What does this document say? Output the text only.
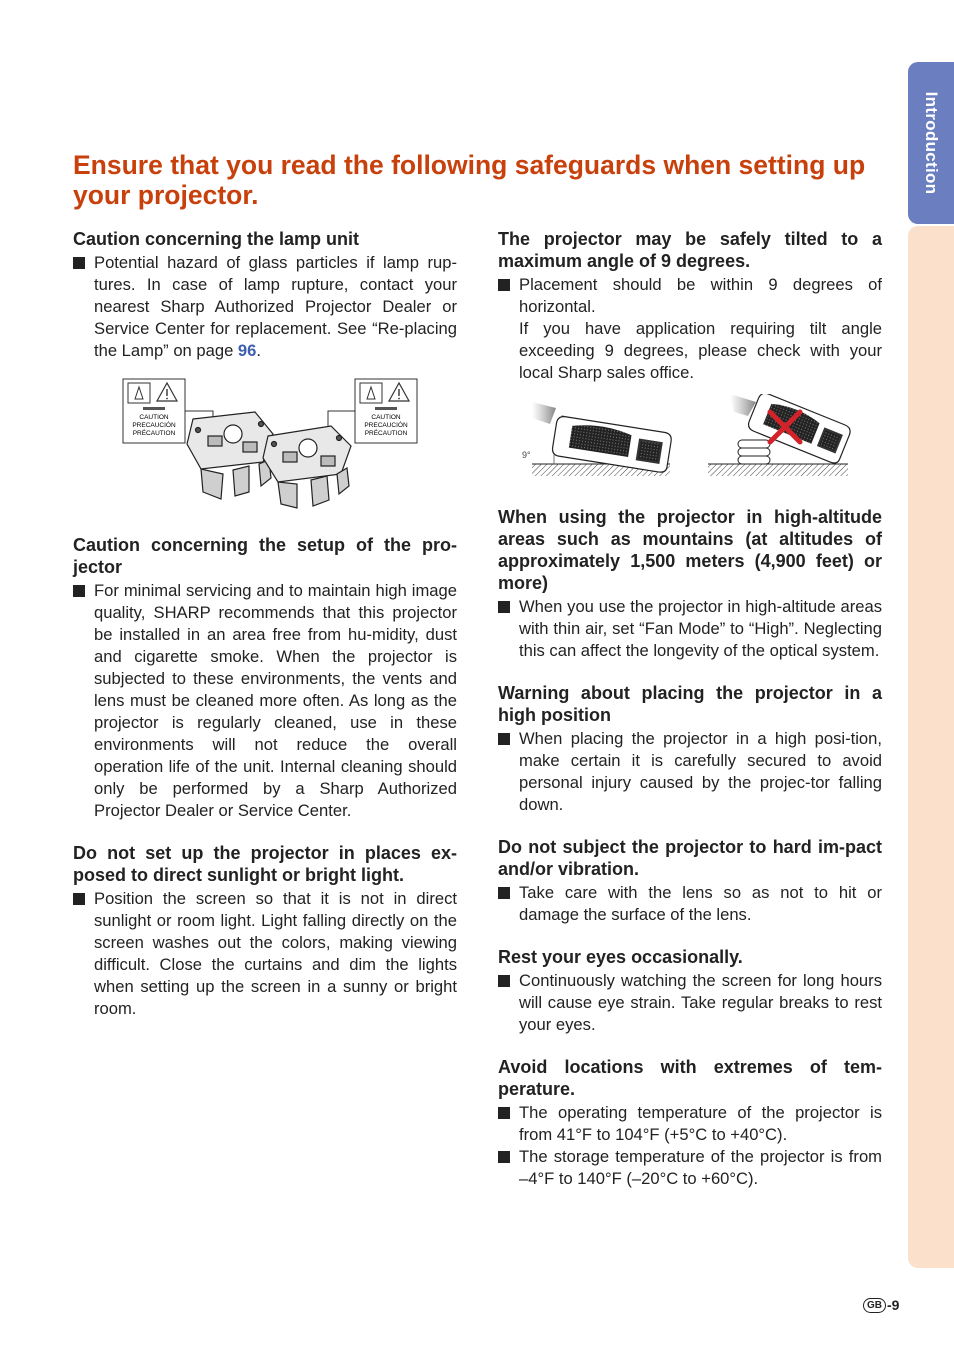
Introduction
Ensure that you read the following safeguards when setting up your projector.
Caution concerning the lamp unit
Potential hazard of glass particles if lamp rup-tures. In case of lamp rupture, contact your nearest Sharp Authorized Projector Dealer or Service Center for replacement. See “Re-placing the Lamp” on page 96.
CAUTION
PRECAUCIÓN
PRÉCAUTION
CAUTION
PRECAUCIÓN
PRÉCAUTION
Caution concerning the setup of the pro-jector
For minimal servicing and to maintain high image quality, SHARP recommends that this projector be installed in an area free from hu-midity, dust and cigarette smoke. When the projector is subjected to these environments, the vents and lens must be cleaned more often. As long as the projector is regularly cleaned, use in these environments will not reduce the overall operation life of the unit. Internal cleaning should only be performed by a Sharp Authorized Projector Dealer or Service Center.
Do not set up the projector in places ex-posed to direct sunlight or bright light.
Position the screen so that it is not in direct sunlight or room light. Light falling directly on the screen washes out the colors, making viewing difficult. Close the curtains and dim the lights when setting up the screen in a sunny or bright room.
The projector may be safely tilted to a maximum angle of 9 degrees.
Placement should be within 9 degrees of horizontal.
If you have application requiring tilt angle exceeding 9 degrees, please check with your local Sharp sales office.
9°
When using the projector in high-altitude areas such as mountains (at altitudes of approximately 1,500 meters (4,900 feet) or more)
When you use the projector in high-altitude areas with thin air, set “Fan Mode” to “High”. Neglecting this can affect the longevity of the optical system.
Warning about placing the projector in a high position
When placing the projector in a high posi-tion, make certain it is carefully secured to avoid personal injury caused by the projec-tor falling down.
Do not subject the projector to hard im-pact and/or vibration.
Take care with the lens so as not to hit or damage the surface of the lens.
Rest your eyes occasionally.
Continuously watching the screen for long hours will cause eye strain. Take regular breaks to rest your eyes.
Avoid locations with extremes of tem-perature.
The operating temperature of the projector is from 41°F to 104°F (+5°C to +40°C).
The storage temperature of the projector is from –4°F to 140°F (–20°C to +60°C).
GB -9
